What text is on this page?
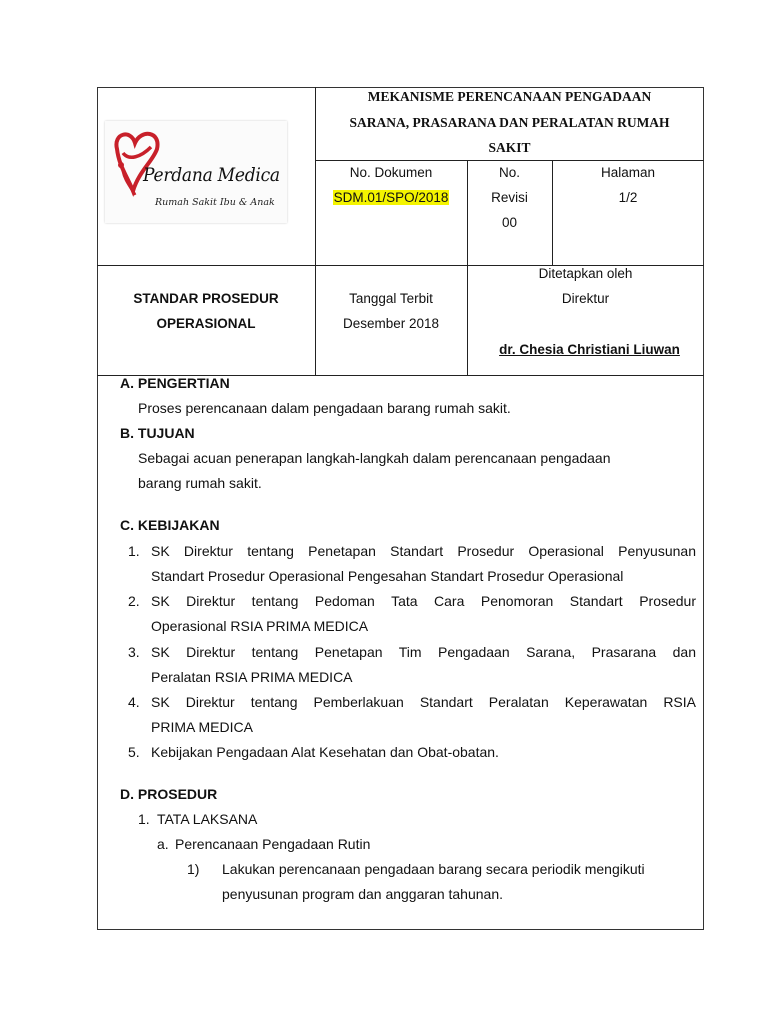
Perdana Medica
Rumah Sakit Ibu & Anak
MEKANISME PERENCANAAN PENGADAAN
SARANA, PRASARANA DAN PERALATAN RUMAH
SAKIT
No. Dokumen
SDM.01/SPO/2018
No.
Revisi
00
Halaman
1/2
STANDAR PROSEDUR
OPERASIONAL
Tanggal Terbit
Desember 2018
Ditetapkan oleh
Direktur
dr. Chesia Christiani Liuwan
A. PENGERTIAN
Proses perencanaan dalam pengadaan barang rumah sakit.
B. TUJUAN
Sebagai acuan penerapan langkah-langkah dalam perencanaan pengadaan
barang rumah sakit.
C. KEBIJAKAN
1. SK Direktur tentang Penetapan Standart Prosedur Operasional Penyusunan
Standart Prosedur Operasional Pengesahan Standart Prosedur Operasional
2. SK Direktur tentang Pedoman Tata Cara Penomoran Standart Prosedur
Operasional RSIA PRIMA MEDICA
3. SK Direktur tentang Penetapan Tim Pengadaan Sarana, Prasarana dan
Peralatan RSIA PRIMA MEDICA
4. SK Direktur tentang Pemberlakuan Standart Peralatan Keperawatan RSIA
PRIMA MEDICA
5. Kebijakan Pengadaan Alat Kesehatan dan Obat-obatan.
D. PROSEDUR
1. TATA LAKSANA
a. Perencanaan Pengadaan Rutin
1) Lakukan perencanaan pengadaan barang secara periodik mengikuti
penyusunan program dan anggaran tahunan.
